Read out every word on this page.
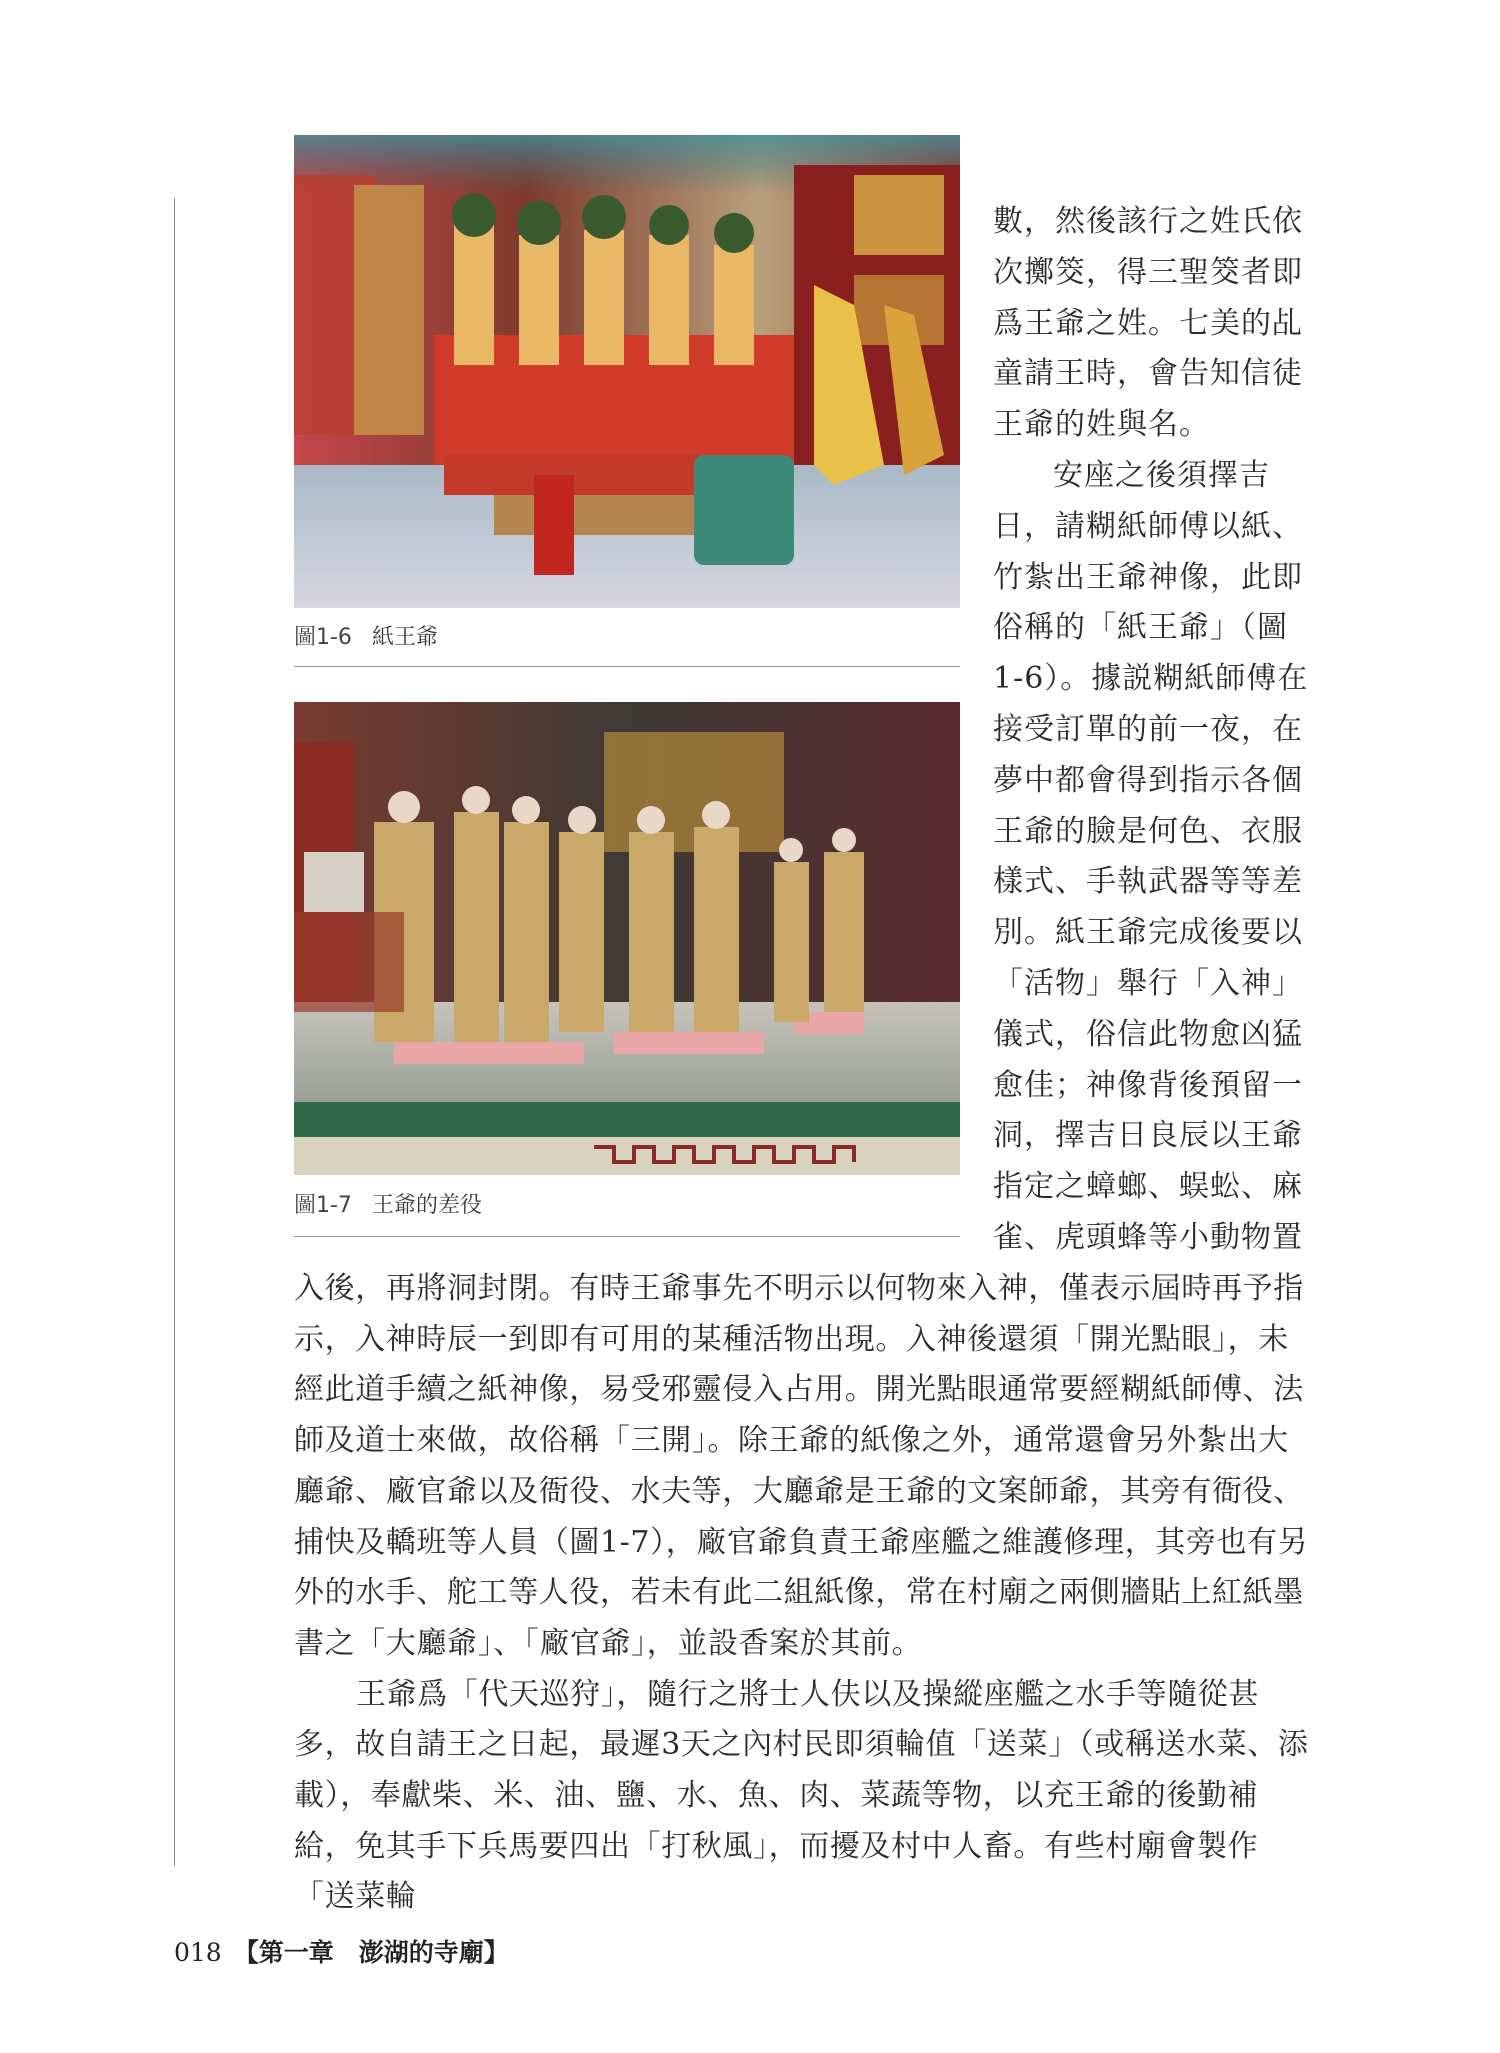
圖1-6 紙王爺
圖1-7 王爺的差役

數，然後該行之姓氏依次擲筊，得三聖筊者即爲王爺之姓。七美的乩童請王時，會告知信徒王爺的姓與名。

安座之後須擇吉日，請糊紙師傅以紙、竹紮出王爺神像，此即俗稱的「紙王爺」（圖1-6）。據説糊紙師傅在接受訂單的前一夜，在夢中都會得到指示各個王爺的臉是何色、衣服樣式、手執武器等等差別。紙王爺完成後要以「活物」舉行「入神」儀式，俗信此物愈凶猛愈佳；神像背後預留一洞，擇吉日良辰以王爺指定之蟑螂、蜈蚣、麻雀、虎頭蜂等小動物置

入後，再將洞封閉。有時王爺事先不明示以何物來入神，僅表示屆時再予指示，入神時辰一到即有可用的某種活物出現。入神後還須「開光點眼」，未經此道手續之紙神像，易受邪靈侵入占用。開光點眼通常要經糊紙師傅、法師及道士來做，故俗稱「三開」。除王爺的紙像之外，通常還會另外紮出大廳爺、廠官爺以及衙役、水夫等，大廳爺是王爺的文案師爺，其旁有衙役、捕快及轎班等人員（圖1-7），廠官爺負責王爺座艦之維護修理，其旁也有另外的水手、舵工等人役，若未有此二組紙像，常在村廟之兩側牆貼上紅紙墨書之「大廳爺」、「廠官爺」，並設香案於其前。

王爺爲「代天巡狩」，隨行之將士人伕以及操縱座艦之水手等隨從甚多，故自請王之日起，最遲3天之內村民即須輪值「送菜」（或稱送水菜、添載），奉獻柴、米、油、鹽、水、魚、肉、菜蔬等物，以充王爺的後勤補給，免其手下兵馬要四出「打秋風」，而擾及村中人畜。有些村廟會製作「送菜輪

018 【第一章　澎湖的寺廟】
